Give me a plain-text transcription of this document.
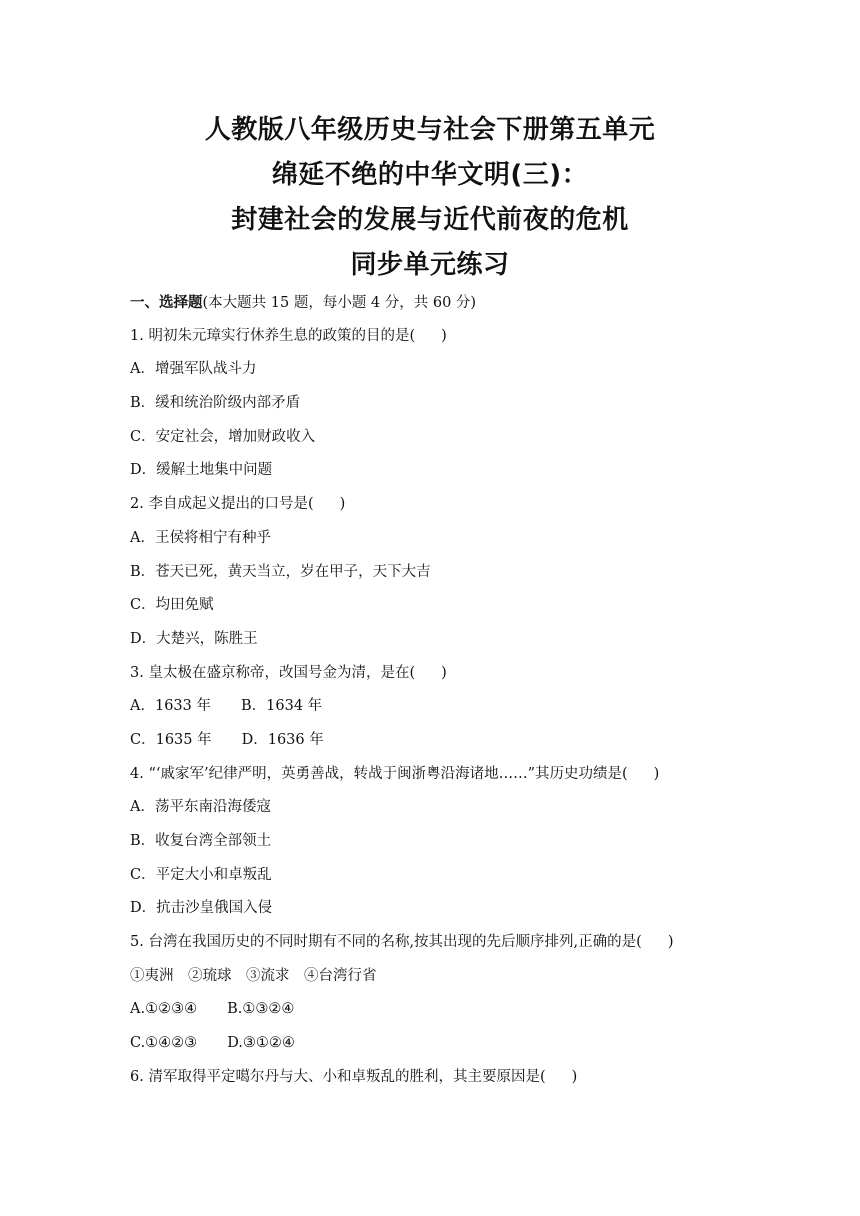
人教版八年级历史与社会下册第五单元
绵延不绝的中华文明(三)：
封建社会的发展与近代前夜的危机
同步单元练习
一、选择题(本大题共 15 题，每小题 4 分，共 60 分)
1. 明初朱元璋实行休养生息的政策的目的是( )
A．增强军队战斗力
B．缓和统治阶级内部矛盾
C．安定社会，增加财政收入
D．缓解土地集中问题
2. 李自成起义提出的口号是( )
A．王侯将相宁有种乎
B．苍天已死，黄天当立，岁在甲子，天下大吉
C．均田免赋
D．大楚兴，陈胜王
3. 皇太极在盛京称帝，改国号金为清，是在( )
A．1633 年 B．1634 年
C．1635 年 D．1636 年
4. “‘戚家军’纪律严明，英勇善战，转战于闽浙粤沿海诸地……”其历史功绩是( )
A．荡平东南沿海倭寇
B．收复台湾全部领土
C．平定大小和卓叛乱
D．抗击沙皇俄国入侵
5. 台湾在我国历史的不同时期有不同的名称,按其出现的先后顺序排列,正确的是( )
①夷洲　②琉球　③流求　④台湾行省
A.①②③④ B.①③②④
C.①④②③ D.③①②④
6. 清军取得平定噶尔丹与大、小和卓叛乱的胜利，其主要原因是( )
